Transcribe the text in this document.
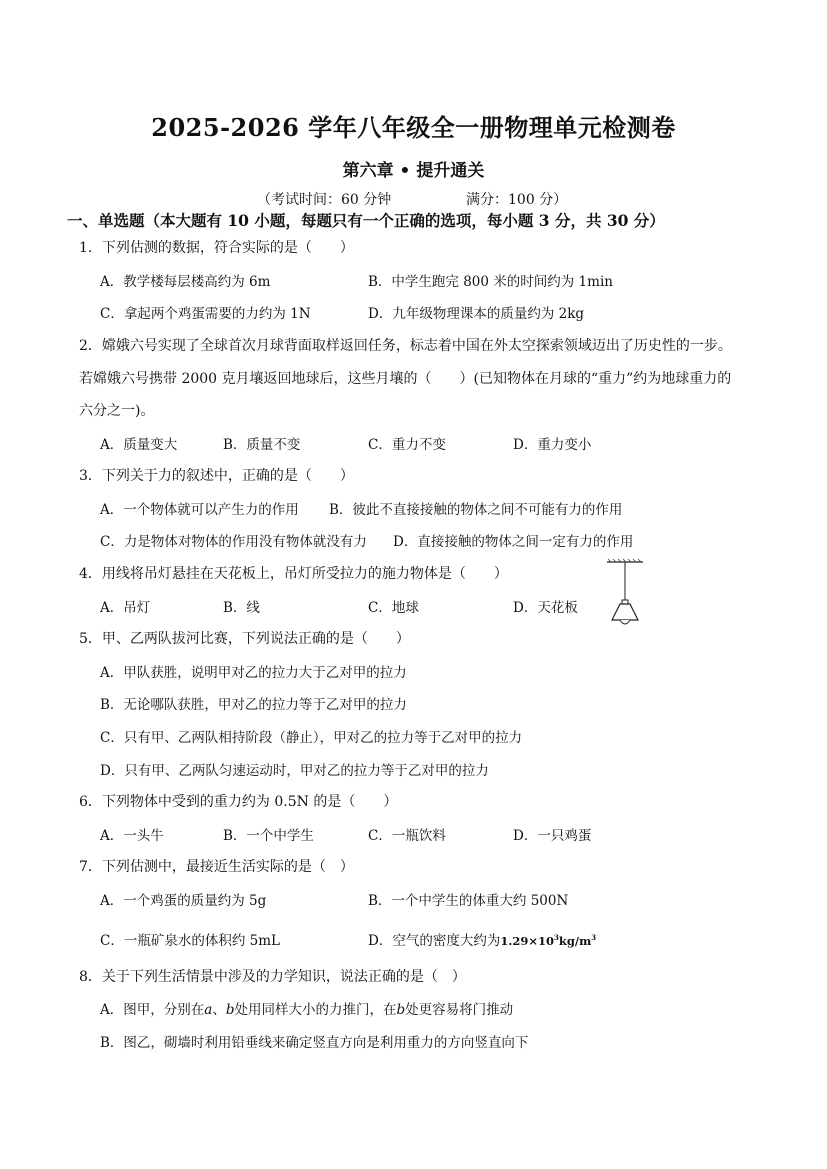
2025-2026 学年八年级全一册物理单元检测卷
第六章 • 提升通关
（考试时间：60 分钟	满分：100 分）
一、单选题（本大题有 10 小题，每题只有一个正确的选项，每小题 3 分，共 30 分）
1．下列估测的数据，符合实际的是（　　）
A．教学楼每层楼高约为 6m	B．中学生跑完 800 米的时间约为 1min
C．拿起两个鸡蛋需要的力约为 1N	D．九年级物理课本的质量约为 2kg
2．嫦娥六号实现了全球首次月球背面取样返回任务，标志着中国在外太空探索领域迈出了历史性的一步。
若嫦娥六号携带 2000 克月壤返回地球后，这些月壤的（　　）(已知物体在月球的“重力”约为地球重力的
六分之一)。
A．质量变大	B．质量不变	C．重力不变	D．重力变小
3．下列关于力的叙述中，正确的是（　　）
A．一个物体就可以产生力的作用 B．彼此不直接接触的物体之间不可能有力的作用
C．力是物体对物体的作用没有物体就没有力 D．直接接触的物体之间一定有力的作用
4．用线将吊灯悬挂在天花板上，吊灯所受拉力的施力物体是（　　）
A．吊灯	B．线	C．地球	D．天花板
5．甲、乙两队拔河比赛，下列说法正确的是（　　）
A．甲队获胜，说明甲对乙的拉力大于乙对甲的拉力
B．无论哪队获胜，甲对乙的拉力等于乙对甲的拉力
C．只有甲、乙两队相持阶段（静止），甲对乙的拉力等于乙对甲的拉力
D．只有甲、乙两队匀速运动时，甲对乙的拉力等于乙对甲的拉力
6．下列物体中受到的重力约为 0.5N 的是（　　）
A．一头牛	B．一个中学生	C．一瓶饮料	D．一只鸡蛋
7．下列估测中，最接近生活实际的是（　）
A．一个鸡蛋的质量约为 5g	B．一个中学生的体重大约 500N
C．一瓶矿泉水的体积约 5mL	D．空气的密度大约为$1.29\times 10^3kg/m^3$
8．关于下列生活情景中涉及的力学知识，说法正确的是（　）
A．图甲，分别在a、b处用同样大小的力推门，在b处更容易将门推动
B．图乙，砌墙时利用铅垂线来确定竖直方向是利用重力的方向竖直向下
